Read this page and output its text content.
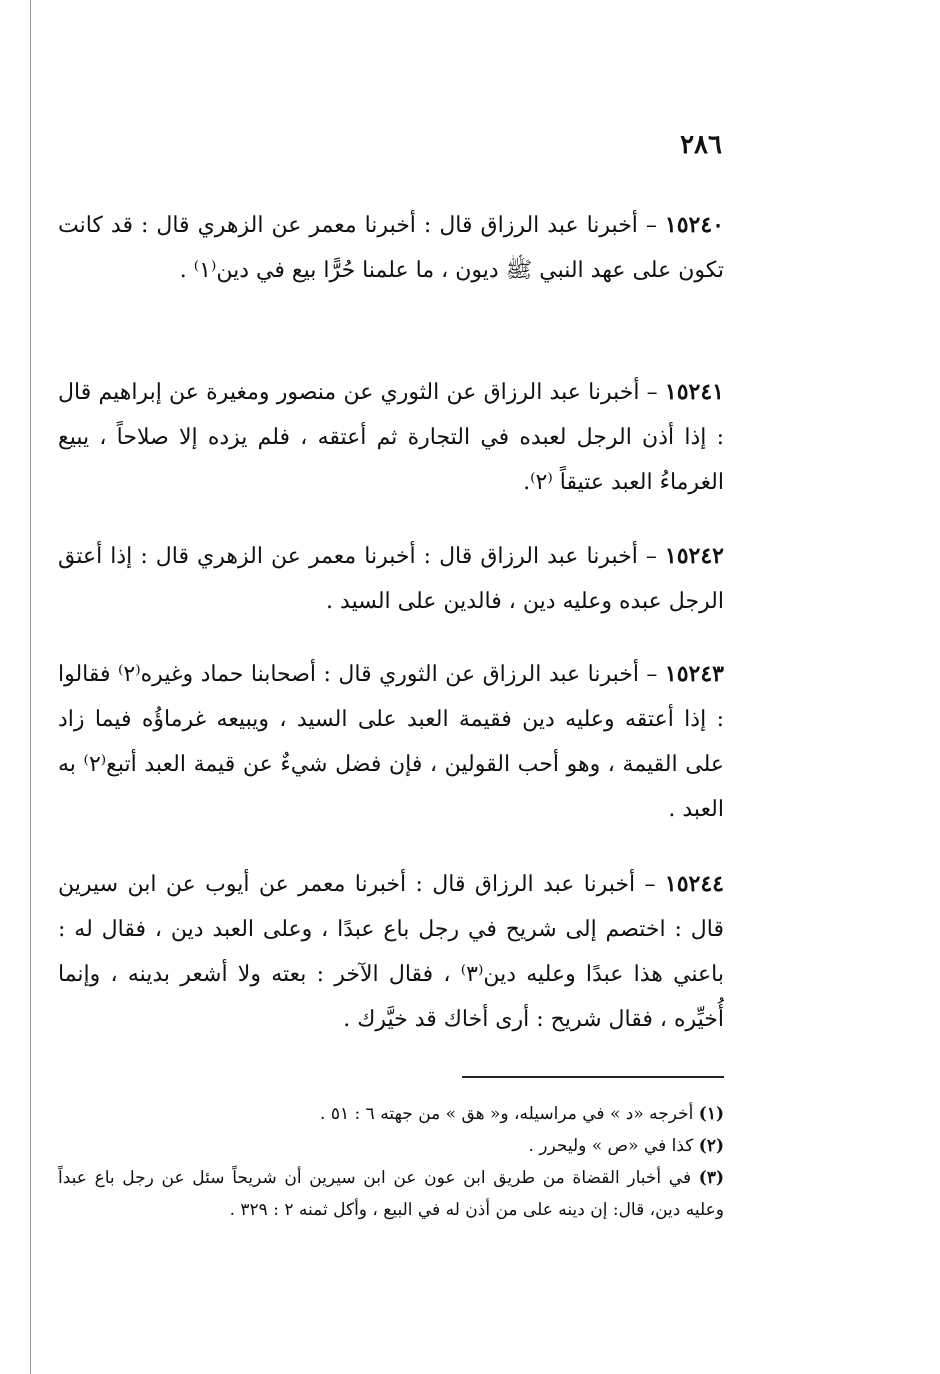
٢٨٦

١٥٢٤٠ – أخبرنا عبد الرزاق قال : أخبرنا معمر عن الزهري قال : قد كانت تكون على عهد النبي ﷺ ديون ، ما علمنا حُرًّا بيع في دين⁽١⁾ .

١٥٢٤١ – أخبرنا عبد الرزاق عن الثوري عن منصور ومغيرة عن إبراهيم قال : إذا أذن الرجل لعبده في التجارة ثم أعتقه ، فلم يزده إلا صلاحاً ، يبيع الغرماءُ العبد عتيقاً ⁽٢⁾.

١٥٢٤٢ – أخبرنا عبد الرزاق قال : أخبرنا معمر عن الزهري قال : إذا أعتق الرجل عبده وعليه دين ، فالدين على السيد .

١٥٢٤٣ – أخبرنا عبد الرزاق عن الثوري قال : أصحابنا حماد وغيره⁽٢⁾ فقالوا : إذا أعتقه وعليه دين فقيمة العبد على السيد ، ويبيعه غرماؤُه فيما زاد على القيمة ، وهو أحب القولين ، فإن فضل شيءٌ عن قيمة العبد أتبع⁽٢⁾ به العبد .

١٥٢٤٤ – أخبرنا عبد الرزاق قال : أخبرنا معمر عن أيوب عن ابن سيرين قال : اختصم إلى شريح في رجل باع عبدًا ، وعلى العبد دين ، فقال له : باعني هذا عبدًا وعليه دين⁽٣⁾ ، فقال الآخر : بعته ولا أشعر بدينه ، وإنما أُخيِّره ، فقال شريح : أرى أخاك قد خيَّرك .

(١) أخرجه «د » في مراسيله، و« هق » من جهته ٦ : ٥١ .

(٢) كذا في «ص » وليحرر .

(٣) في أخبار القضاة من طريق ابن عون عن ابن سيرين أن شريحاً سئل عن رجل باع عبداً وعليه دين، قال: إن دينه على من أذن له في البيع ، وأكل ثمنه ٢ : ٣٢٩ .
